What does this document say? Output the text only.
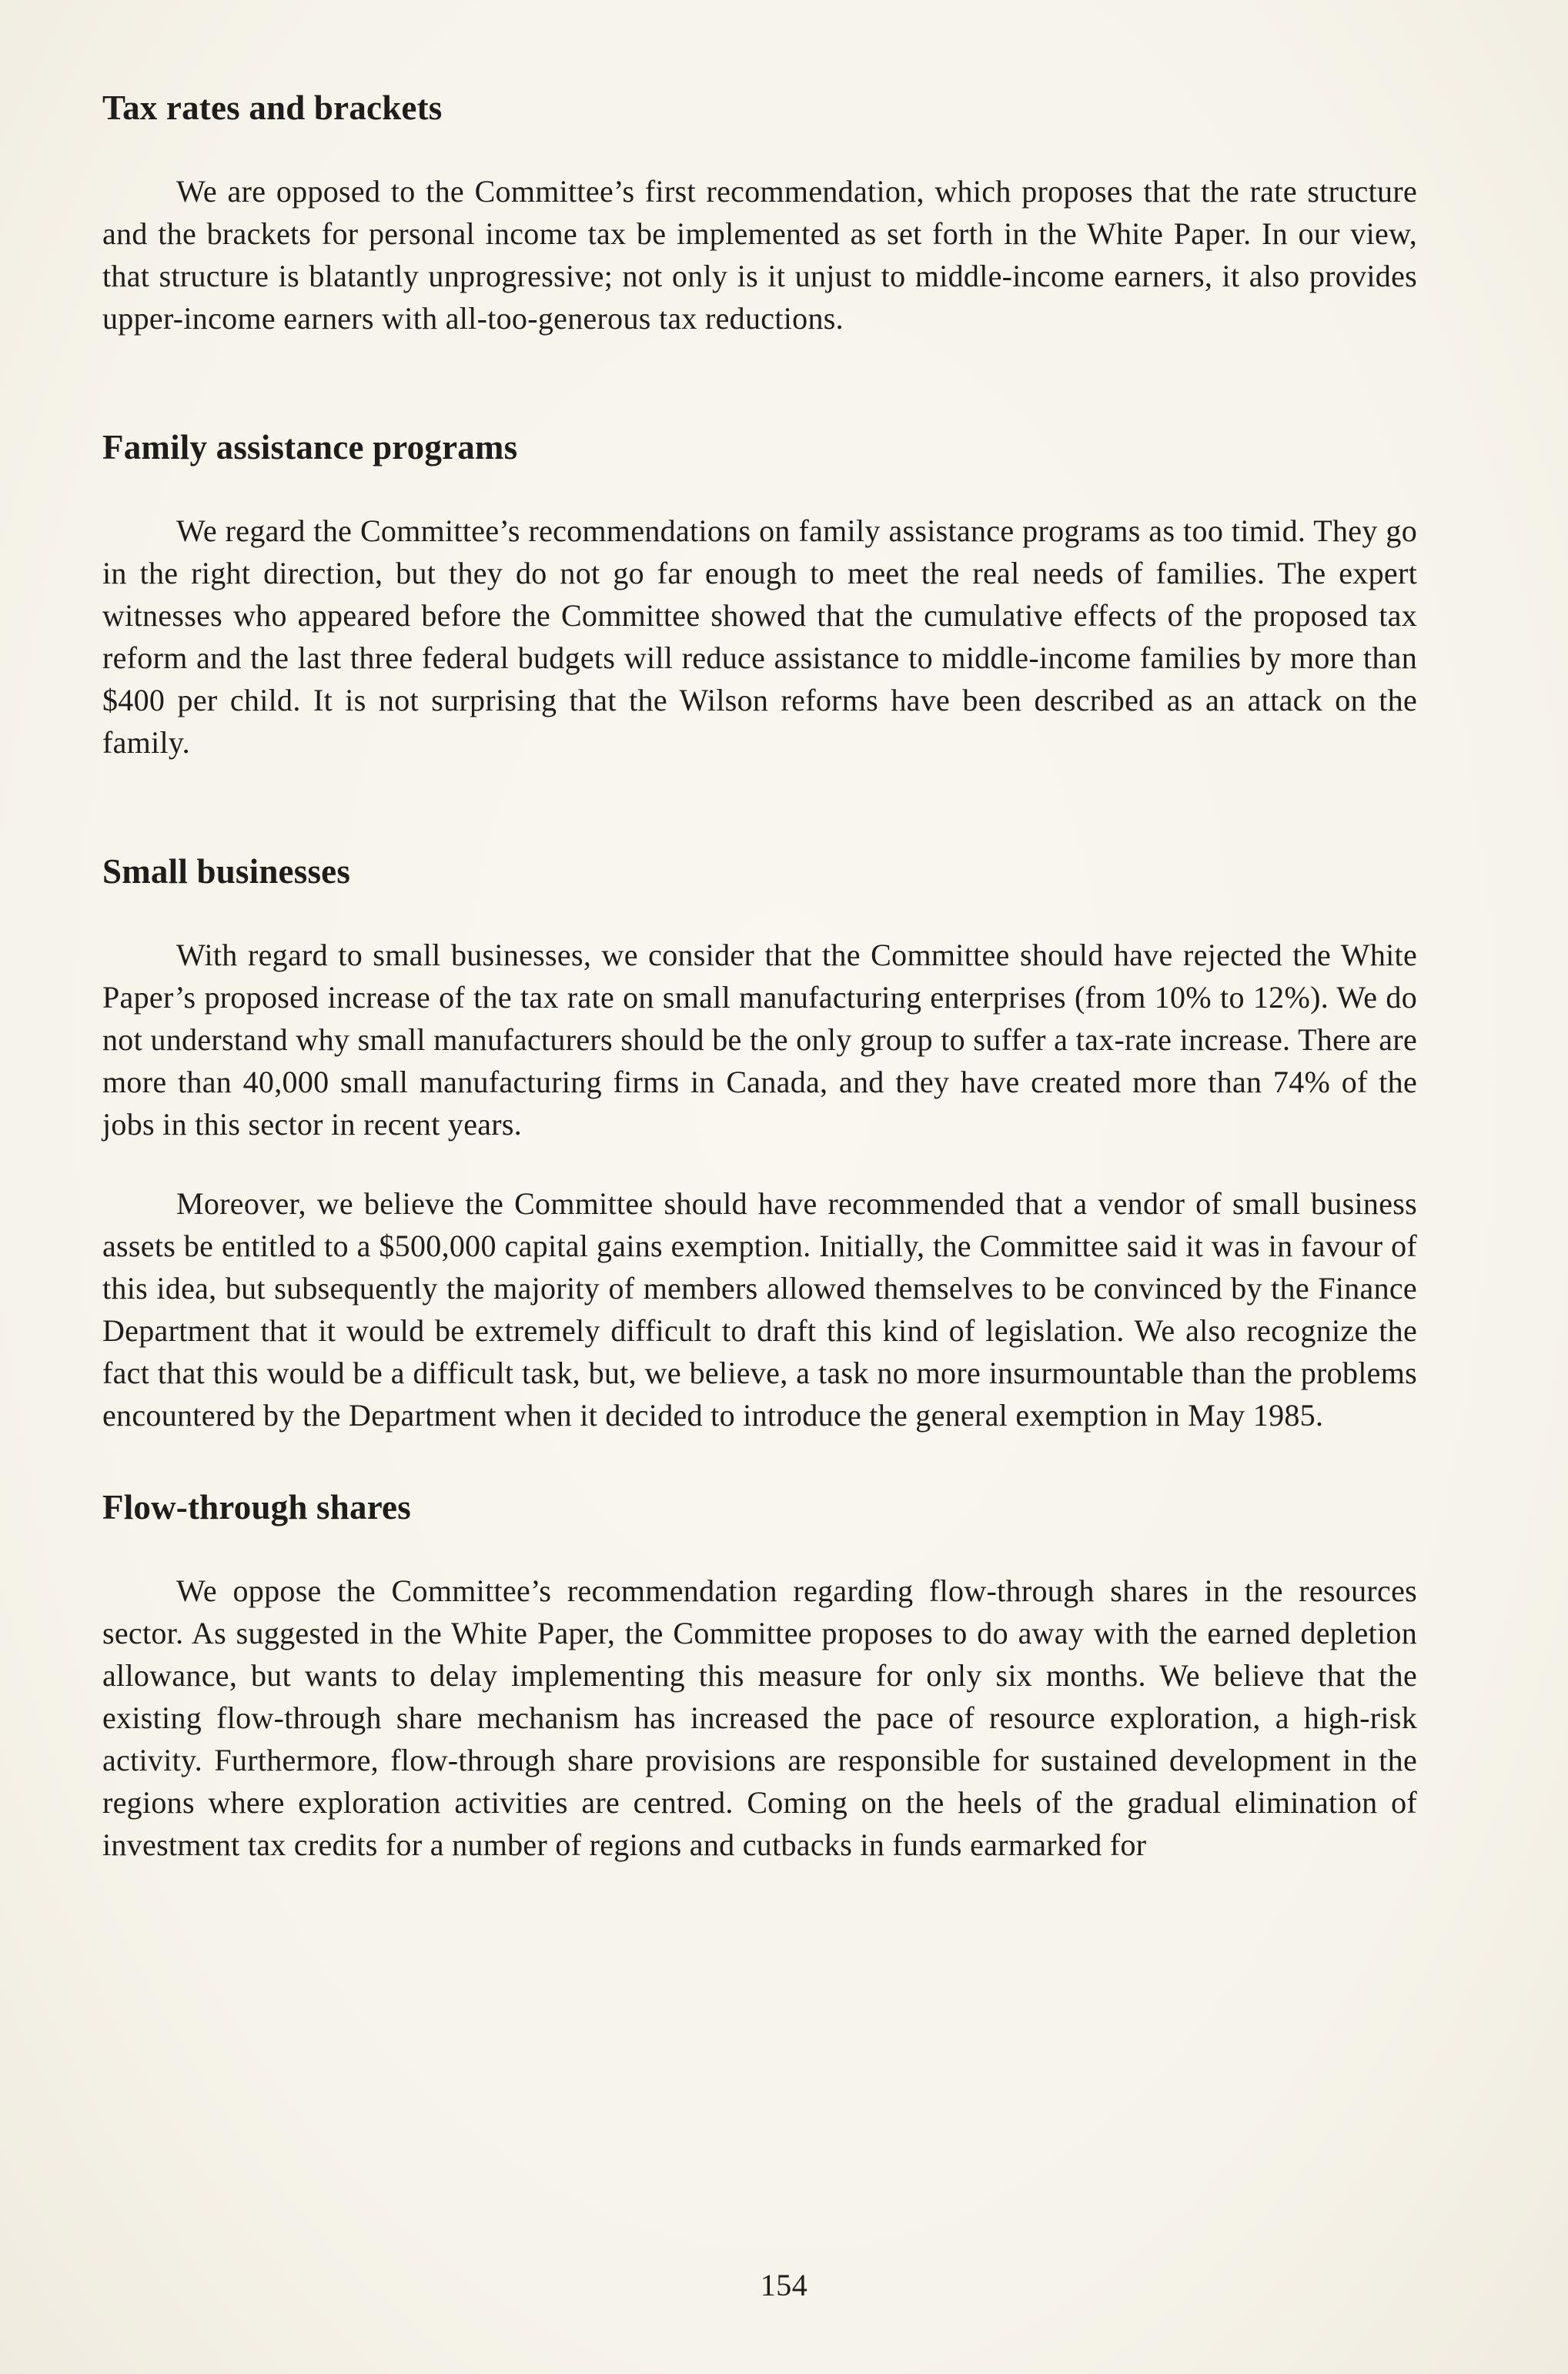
Tax rates and brackets

We are opposed to the Committee’s first recommendation, which proposes that the rate structure and the brackets for personal income tax be implemented as set forth in the White Paper. In our view, that structure is blatantly unprogressive; not only is it unjust to middle-income earners, it also provides upper-income earners with all-too-generous tax reductions.

Family assistance programs

We regard the Committee’s recommendations on family assistance programs as too timid. They go in the right direction, but they do not go far enough to meet the real needs of families. The expert witnesses who appeared before the Committee showed that the cumulative effects of the proposed tax reform and the last three federal budgets will reduce assistance to middle-income families by more than $400 per child. It is not surprising that the Wilson reforms have been described as an attack on the family.

Small businesses

With regard to small businesses, we consider that the Committee should have rejected the White Paper’s proposed increase of the tax rate on small manufacturing enterprises (from 10% to 12%). We do not understand why small manufacturers should be the only group to suffer a tax-rate increase. There are more than 40,000 small manufacturing firms in Canada, and they have created more than 74% of the jobs in this sector in recent years.

Moreover, we believe the Committee should have recommended that a vendor of small business assets be entitled to a $500,000 capital gains exemption. Initially, the Committee said it was in favour of this idea, but subsequently the majority of members allowed themselves to be convinced by the Finance Department that it would be extremely difficult to draft this kind of legislation. We also recognize the fact that this would be a difficult task, but, we believe, a task no more insurmountable than the problems encountered by the Department when it decided to introduce the general exemption in May 1985.

Flow-through shares

We oppose the Committee’s recommendation regarding flow-through shares in the resources sector. As suggested in the White Paper, the Committee proposes to do away with the earned depletion allowance, but wants to delay implementing this measure for only six months. We believe that the existing flow-through share mechanism has increased the pace of resource exploration, a high-risk activity. Furthermore, flow-through share provisions are responsible for sustained development in the regions where exploration activities are centred. Coming on the heels of the gradual elimination of investment tax credits for a number of regions and cutbacks in funds earmarked for

154
